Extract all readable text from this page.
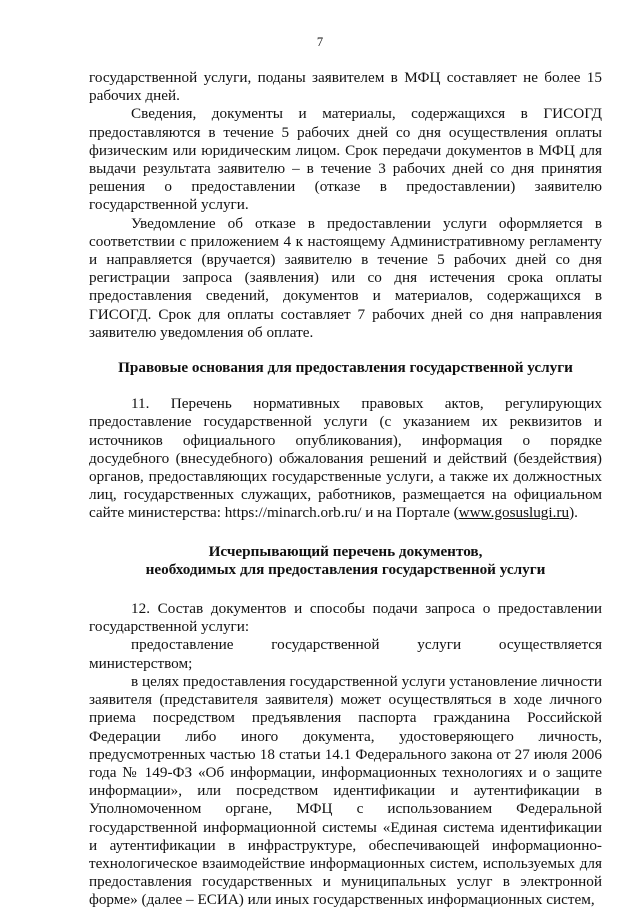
7

государственной услуги, поданы заявителем в МФЦ составляет не более 15 рабочих дней.

Сведения, документы и материалы, содержащихся в ГИСОГД предоставляются в течение 5 рабочих дней со дня осуществления оплаты физическим или юридическим лицом. Срок передачи документов в МФЦ для выдачи результата заявителю – в течение 3 рабочих дней со дня принятия решения о предоставлении (отказе в предоставлении) заявителю государственной услуги.

Уведомление об отказе в предоставлении услуги оформляется в соответствии с приложением 4 к настоящему Административному регламенту и направляется (вручается) заявителю в течение 5 рабочих дней со дня регистрации запроса (заявления) или со дня истечения срока оплаты предоставления сведений, документов и материалов, содержащихся в ГИСОГД. Срок для оплаты составляет 7 рабочих дней со дня направления заявителю уведомления об оплате.

Правовые основания для предоставления государственной услуги

11. Перечень нормативных правовых актов, регулирующих предоставление государственной услуги (с указанием их реквизитов и источников официального опубликования), информация о порядке досудебного (внесудебного) обжалования решений и действий (бездействия) органов, предоставляющих государственные услуги, а также их должностных лиц, государственных служащих, работников, размещается на официальном сайте министерства: https://minarch.orb.ru/ и на Портале (www.gosuslugi.ru).

Исчерпывающий перечень документов,
необходимых для предоставления государственной услуги

12. Состав документов и способы подачи запроса о предоставлении государственной услуги:

предоставление государственной услуги осуществляется министерством;

в целях предоставления государственной услуги установление личности заявителя (представителя заявителя) может осуществляться в ходе личного приема посредством предъявления паспорта гражданина Российской Федерации либо иного документа, удостоверяющего личность, предусмотренных частью 18 статьи 14.1 Федерального закона от 27 июля 2006 года № 149-ФЗ «Об информации, информационных технологиях и о защите информации», или посредством идентификации и аутентификации в Уполномоченном органе, МФЦ с использованием Федеральной государственной информационной системы «Единая система идентификации и аутентификации в инфраструктуре, обеспечивающей информационно-технологическое взаимодействие информационных систем, используемых для предоставления государственных и муниципальных услуг в электронной форме» (далее – ЕСИА) или иных государственных информационных систем,
